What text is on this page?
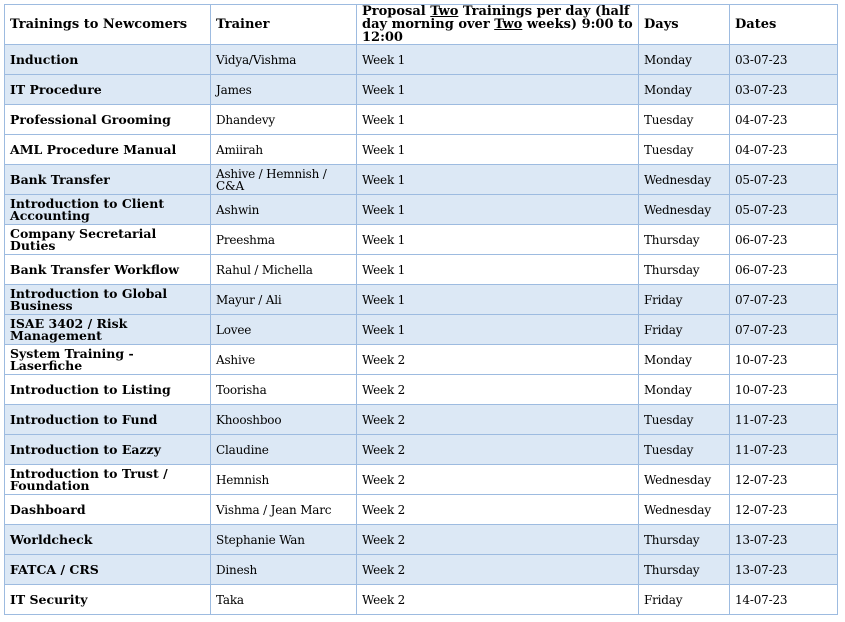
Trainings to Newcomers	Trainer	Proposal Two Trainings per day (half day morning over Two weeks) 9:00 to 12:00	Days	Dates
Induction	Vidya/Vishma	Week 1	Monday	03-07-23
IT Procedure	James	Week 1	Monday	03-07-23
Professional Grooming	Dhandevy	Week 1	Tuesday	04-07-23
AML Procedure Manual	Amiirah	Week 1	Tuesday	04-07-23
Bank Transfer	Ashive / Hemnish / C&A	Week 1	Wednesday	05-07-23
Introduction to Client Accounting	Ashwin	Week 1	Wednesday	05-07-23
Company Secretarial Duties	Preeshma	Week 1	Thursday	06-07-23
Bank Transfer Workflow	Rahul / Michella	Week 1	Thursday	06-07-23
Introduction to Global Business	Mayur / Ali	Week 1	Friday	07-07-23
ISAE 3402 / Risk Management	Lovee	Week 1	Friday	07-07-23
System Training - Laserfiche	Ashive	Week 2	Monday	10-07-23
Introduction to Listing	Toorisha	Week 2	Monday	10-07-23
Introduction to Fund	Khooshboo	Week 2	Tuesday	11-07-23
Introduction to Eazzy	Claudine	Week 2	Tuesday	11-07-23
Introduction to Trust / Foundation	Hemnish	Week 2	Wednesday	12-07-23
Dashboard	Vishma / Jean Marc	Week 2	Wednesday	12-07-23
Worldcheck	Stephanie Wan	Week 2	Thursday	13-07-23
FATCA / CRS	Dinesh	Week 2	Thursday	13-07-23
IT Security	Taka	Week 2	Friday	14-07-23
